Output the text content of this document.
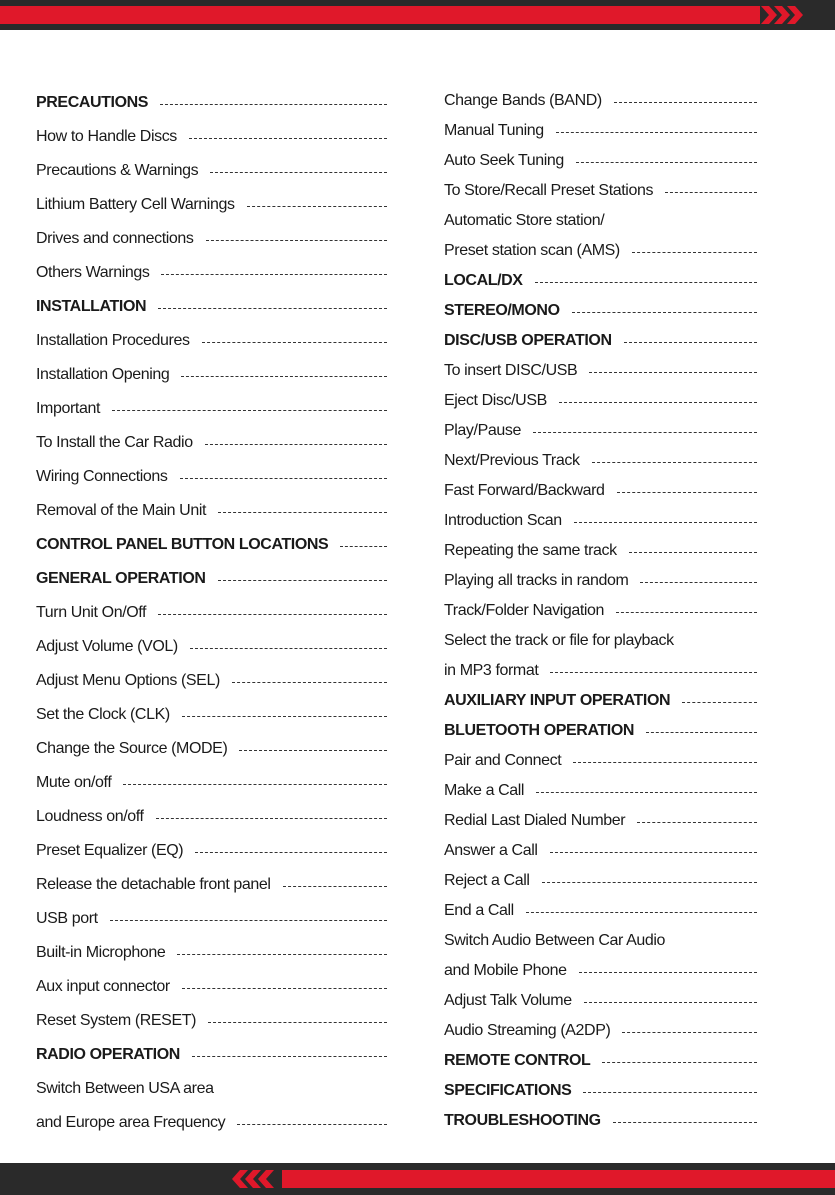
PRECAUTIONS
How to Handle Discs
Precautions & Warnings
Lithium Battery Cell Warnings
Drives and connections
Others Warnings
INSTALLATION
Installation Procedures
Installation Opening
Important
To Install the Car Radio
Wiring Connections
Removal of the Main Unit
CONTROL PANEL BUTTON LOCATIONS
GENERAL OPERATION
Turn Unit On/Off
Adjust Volume (VOL)
Adjust Menu Options (SEL)
Set the Clock (CLK)
Change the Source (MODE)
Mute on/off
Loudness on/off
Preset Equalizer (EQ)
Release the detachable front panel
USB port
Built-in Microphone
Aux input connector
Reset System (RESET)
RADIO OPERATION
Switch Between USA area
and Europe area Frequency
Change Bands (BAND)
Manual Tuning
Auto Seek Tuning
To Store/Recall Preset Stations
Automatic Store station/
Preset station scan (AMS)
LOCAL/DX
STEREO/MONO
DISC/USB OPERATION
To insert DISC/USB
Eject Disc/USB
Play/Pause
Next/Previous Track
Fast Forward/Backward
Introduction Scan
Repeating the same track
Playing all tracks in random
Track/Folder Navigation
Select the track or file for playback
in MP3 format
AUXILIARY INPUT OPERATION
BLUETOOTH OPERATION
Pair and Connect
Make a Call
Redial Last Dialed Number
Answer a Call
Reject a Call
End a Call
Switch Audio Between Car Audio
and Mobile Phone
Adjust Talk Volume
Audio Streaming (A2DP)
REMOTE CONTROL
SPECIFICATIONS
TROUBLESHOOTING
